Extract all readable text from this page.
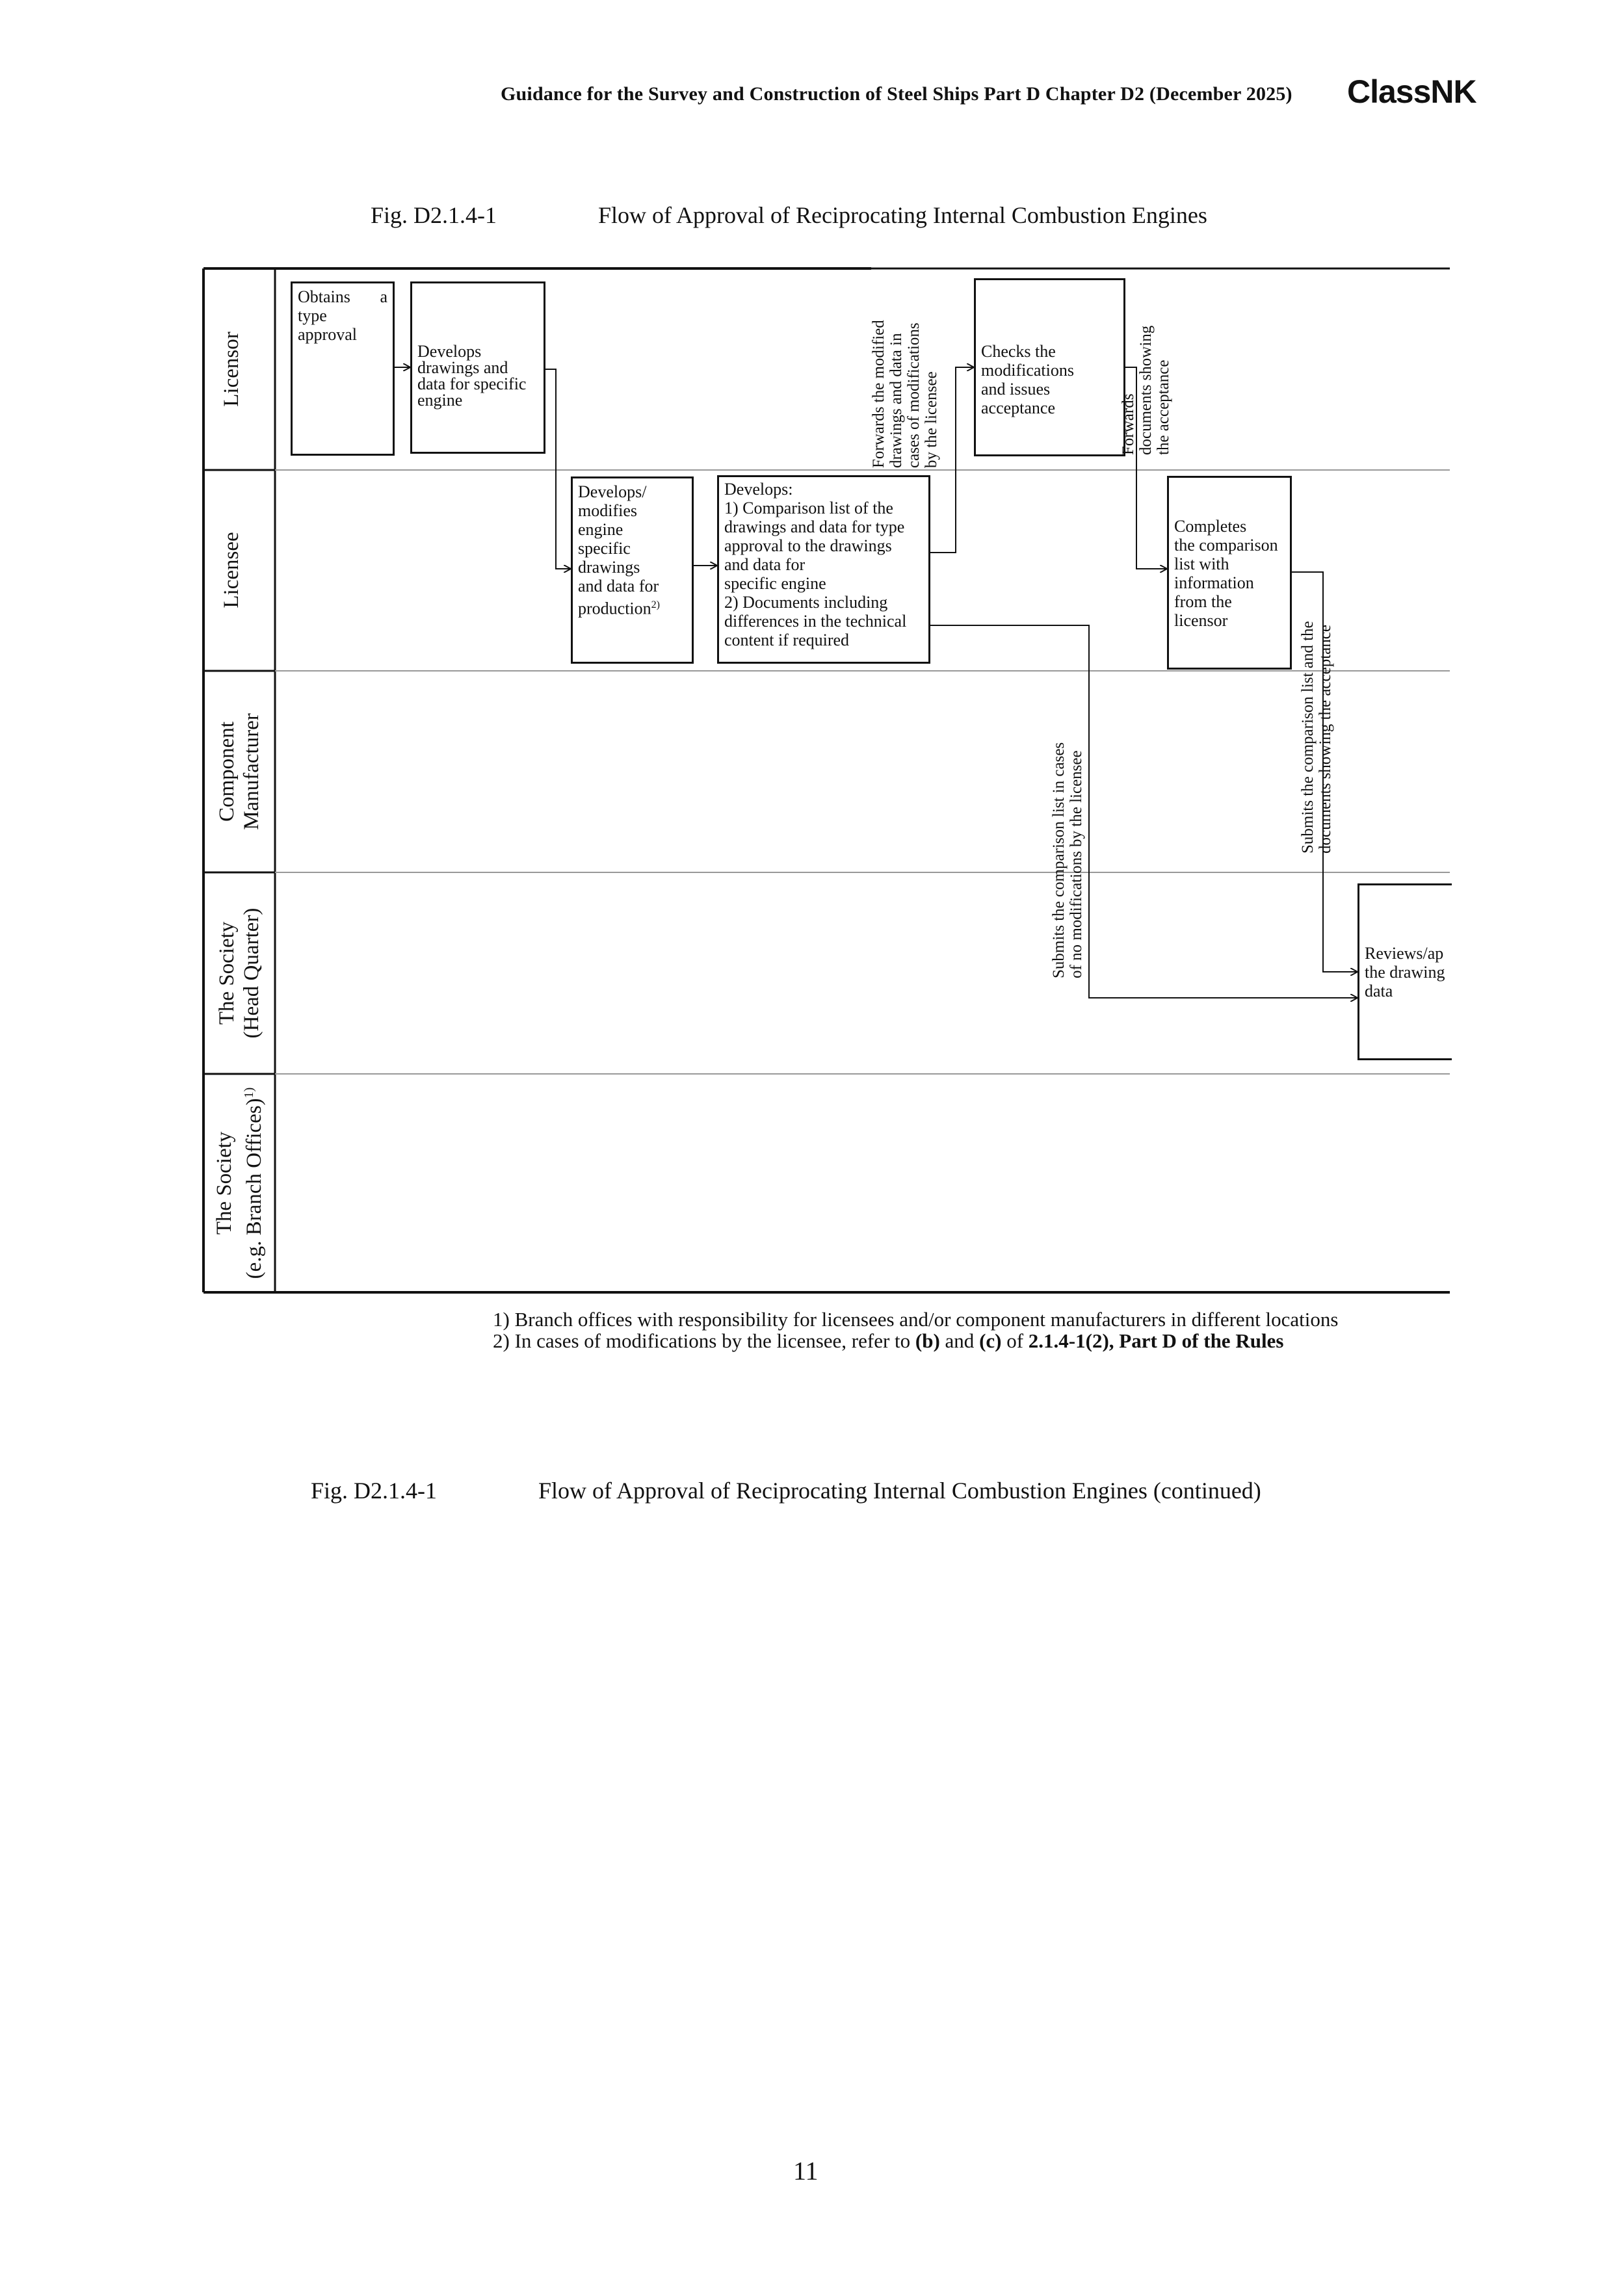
Guidance for the Survey and Construction of Steel Ships Part D Chapter D2 (December 2025) ClassNK
Fig. D2.1.4-1	Flow of Approval of Reciprocating Internal Combustion Engines
Licensor
Licensee
Component Manufacturer
The Society (Head Quarter)
The Society (e.g. Branch Offices)$^{1)}$
Obtains a
type
approval
Develops
drawings and
data for specific
engine
Develops/
modifies
engine
specific
drawings
and data for
production$^{2)}$
Develops:
1) Comparison list of the
drawings and data for type
approval to the drawings
and data for
specific engine
2) Documents including
differences in the technical
content if required
Checks the
modifications
and issues
acceptance
Completes
the comparison
list with
information
from the
licensor
Reviews/ap
the drawing
data
Forwards the modified drawings and data in cases of modifications by the licensee	Forwards documents showing the acceptance
Submits the comparison list in cases of no modifications by the licensee
Submits the comparison list and the documents showing the acceptance
1) Branch offices with responsibility for licensees and/or component manufacturers in different locations
2) In cases of modifications by the licensee, refer to (b) and (c) of 2.1.4-1(2), Part D of the Rules
Fig. D2.1.4-1	Flow of Approval of Reciprocating Internal Combustion Engines (continued)
11
